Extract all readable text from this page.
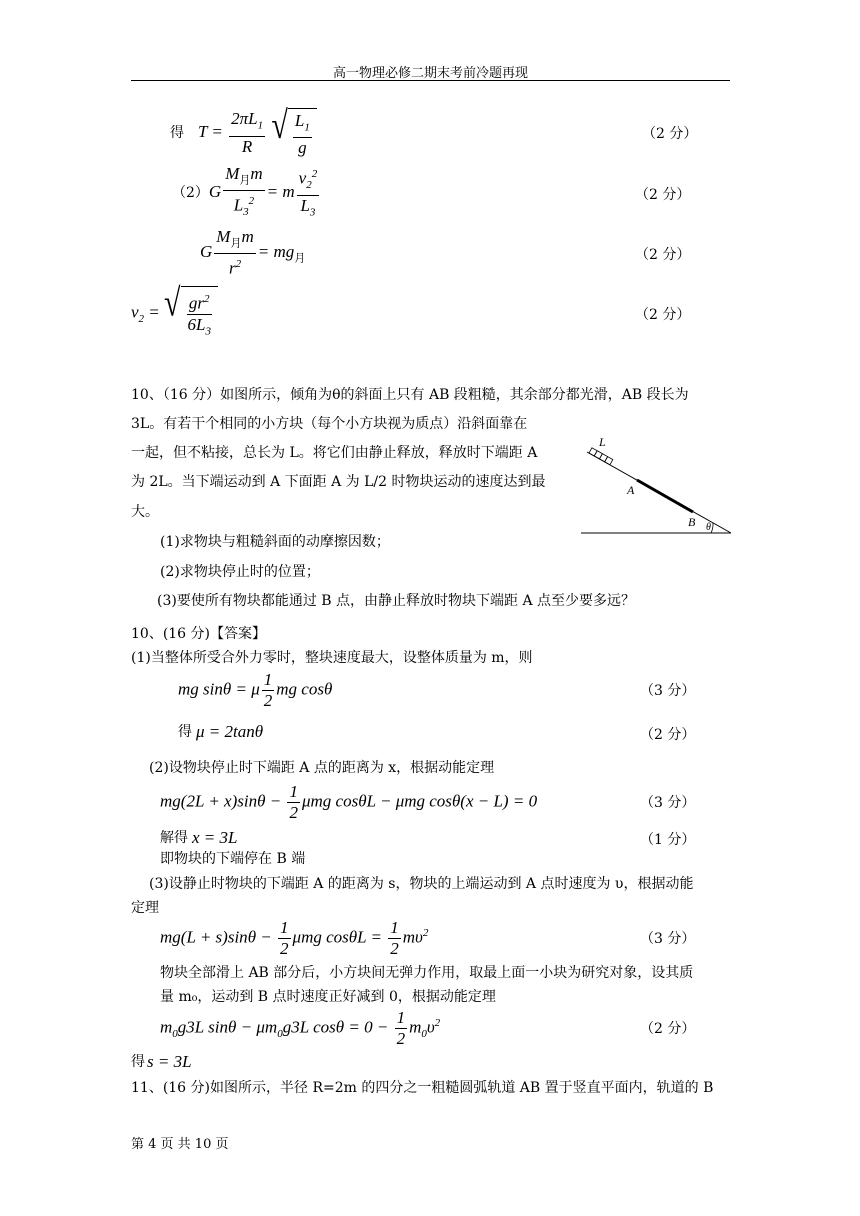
高一物理必修二期末考前冷题再现
得 $T = \frac{2\pi L_1}{R}$
√ $\frac{L_1}{g}$	（2 分）
（2） G $\frac{M_月m}{L_3^2} = m \frac{v_2^2}{L_3}$	（2 分）
G $\frac{M_月m}{r^2} = mg_月$	（2 分）
$v_2$ = √ $\frac{gr^2}{6L_3}$	（2 分）
10、（16 分）如图所示，倾角为θ的斜面上只有 AB 段粗糙，其余部分都光滑，AB 段长为
3L。有若干个相同的小方块（每个小方块视为质点）沿斜面靠在
一起，但不粘接，总长为 L。将它们由静止释放，释放时下端距 A
为 2L。当下端运动到 A 下面距 A 为 L/2 时物块运动的速度达到最
大。
θ
L
A
B
(1)求物块与粗糙斜面的动摩擦因数；
(2)求物块停止时的位置；
(3)要使所有物块都能通过 B 点，由静止释放时物块下端距 A 点至少要多远？
10、(16 分)【答案】
(1)当整体所受合外力零时，整块速度最大，设整体质量为 m，则
mg sinθ = μ $\frac{1}{2}$ mg cosθ	（3 分）
得 μ = 2tanθ	（2 分）
(2)设物块停止时下端距 A 点的距离为 x，根据动能定理
$mg(2L + x)\sin\theta - \frac{1}{2}$ μmg cosθL − μmg cosθ(x − L) = 0	（3 分）
解得 x = 3L	（1 分）
即物块的下端停在 B 端
(3)设静止时物块的下端距 A 的距离为 s，物块的上端运动到 A 点时速度为 υ，根据动能
定理
$mg(L + s)\sin\theta - \frac{1}{2}$ μmg $\cos\theta L = \frac{1}{2} m\upsilon^2$	（3 分）
物块全部滑上 AB 部分后，小方块间无弹力作用，取最上面一小块为研究对象，设其质
量 m₀，运动到 B 点时速度正好减到 0，根据动能定理
$m_0g3L$ $\sin\theta - \mu m_0g3L$ $\cos\theta = 0 - \frac{1}{2} m_0\upsilon^2$	（2 分）
得 s = 3L
11、(16 分)如图所示，半径 R=2m 的四分之一粗糙圆弧轨道 AB 置于竖直平面内，轨道的 B
第 4 页 共 10 页
